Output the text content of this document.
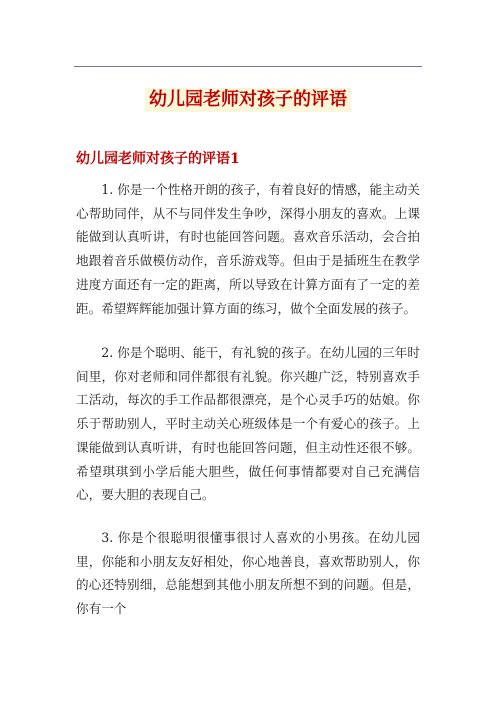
幼儿园老师对孩子的评语
幼儿园老师对孩子的评语1

1. 你是一个性格开朗的孩子，有着良好的情感，能主动关心帮助同伴，从不与同伴发生争吵，深得小朋友的喜欢。上课能做到认真听讲，有时也能回答问题。喜欢音乐活动，会合拍地跟着音乐做模仿动作，音乐游戏等。但由于是插班生在教学进度方面还有一定的距离，所以导致在计算方面有了一定的差距。希望辉辉能加强计算方面的练习，做个全面发展的孩子。

2. 你是个聪明、能干，有礼貌的孩子。在幼儿园的三年时间里，你对老师和同伴都很有礼貌。你兴趣广泛，特别喜欢手工活动，每次的手工作品都很漂亮，是个心灵手巧的姑娘。你乐于帮助别人，平时主动关心班级体是一个有爱心的孩子。上课能做到认真听讲，有时也能回答问题，但主动性还很不够。希望琪琪到小学后能大胆些，做任何事情都要对自己充满信心，要大胆的表现自己。

3. 你是个很聪明很懂事很讨人喜欢的小男孩。在幼儿园里，你能和小朋友友好相处，你心地善良，喜欢帮助别人，你的心还特别细，总能想到其他小朋友所想不到的问题。但是，你有一个
